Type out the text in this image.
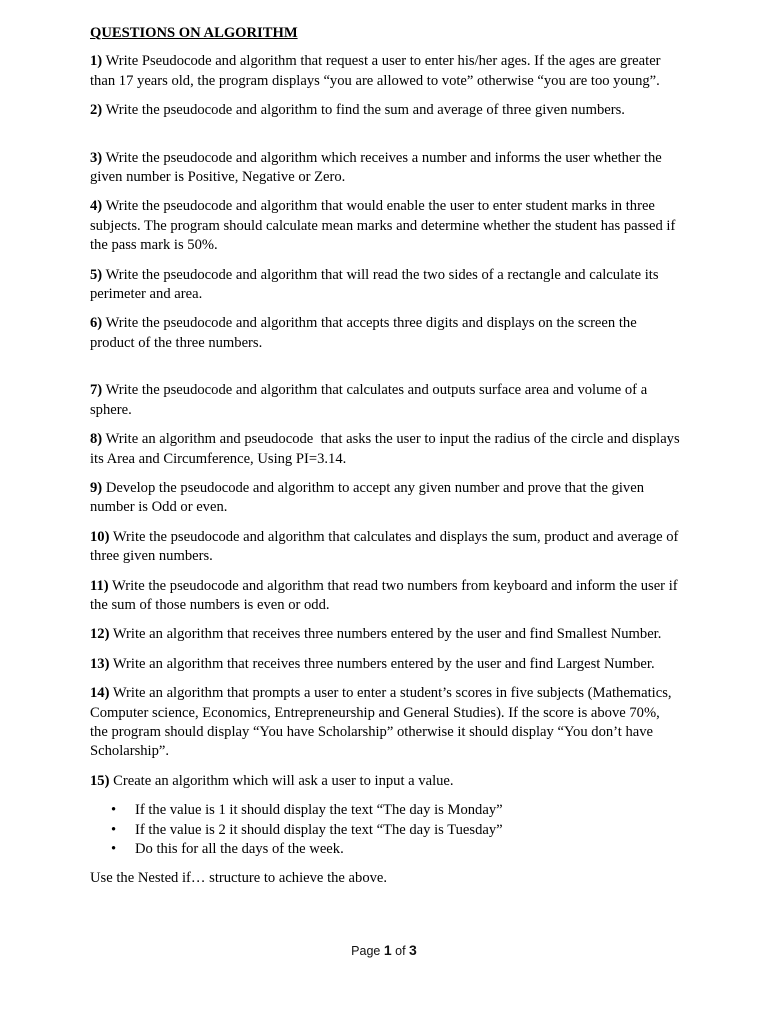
QUESTIONS ON ALGORITHM

1) Write Pseudocode and algorithm that request a user to enter his/her ages. If the ages are greater than 17 years old, the program displays “you are allowed to vote” otherwise “you are too young”.

2) Write the pseudocode and algorithm to find the sum and average of three given numbers.

3) Write the pseudocode and algorithm which receives a number and informs the user whether the given number is Positive, Negative or Zero.

4) Write the pseudocode and algorithm that would enable the user to enter student marks in three subjects. The program should calculate mean marks and determine whether the student has passed if the pass mark is 50%.

5) Write the pseudocode and algorithm that will read the two sides of a rectangle and calculate its perimeter and area.

6) Write the pseudocode and algorithm that accepts three digits and displays on the screen the product of the three numbers.

7) Write the pseudocode and algorithm that calculates and outputs surface area and volume of a sphere.

8) Write an algorithm and pseudocode  that asks the user to input the radius of the circle and displays its Area and Circumference, Using PI=3.14.

9) Develop the pseudocode and algorithm to accept any given number and prove that the given number is Odd or even.

10) Write the pseudocode and algorithm that calculates and displays the sum, product and average of three given numbers.

11) Write the pseudocode and algorithm that read two numbers from keyboard and inform the user if the sum of those numbers is even or odd.

12) Write an algorithm that receives three numbers entered by the user and find Smallest Number.

13) Write an algorithm that receives three numbers entered by the user and find Largest Number.

14) Write an algorithm that prompts a user to enter a student’s scores in five subjects (Mathematics, Computer science, Economics, Entrepreneurship and General Studies). If the score is above 70%, the program should display “You have Scholarship” otherwise it should display “You don’t have Scholarship”.

15) Create an algorithm which will ask a user to input a value.

• If the value is 1 it should display the text “The day is Monday”
• If the value is 2 it should display the text “The day is Tuesday”
• Do this for all the days of the week.

Use the Nested if… structure to achieve the above.

Page 1 of 3
